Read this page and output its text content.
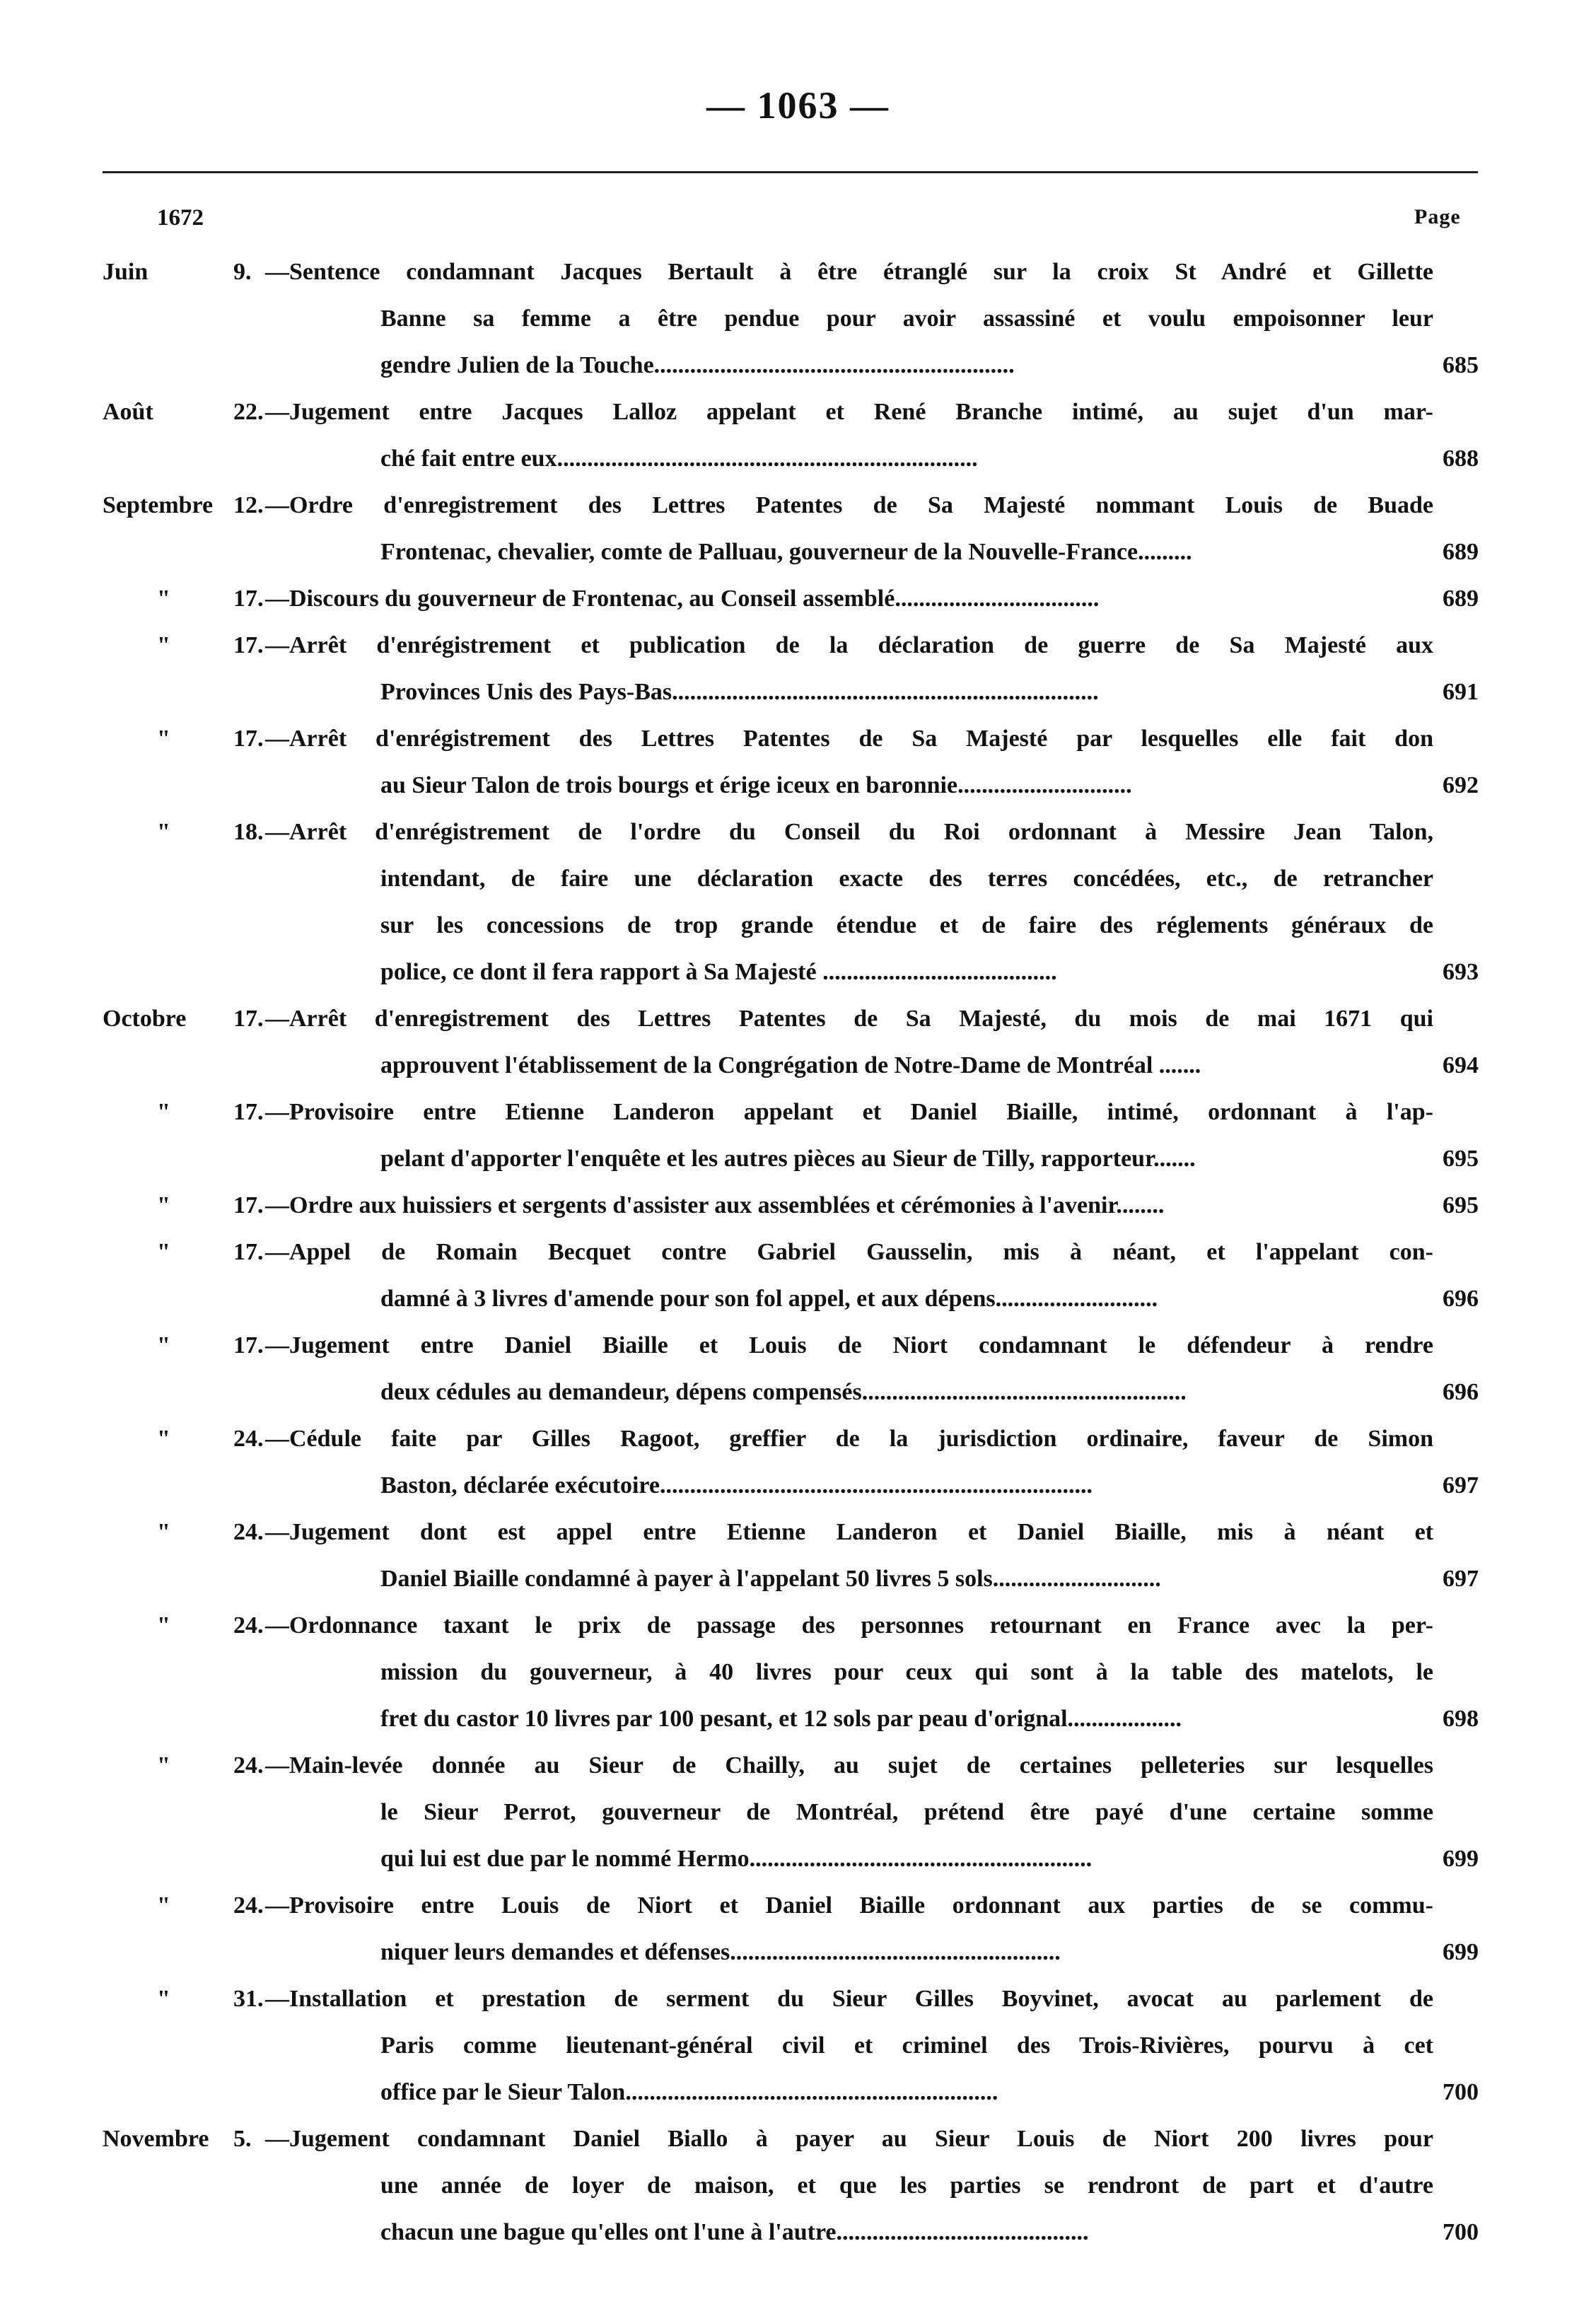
— 1063 —
1672	Page
Juin	9. —Sentence condamnant Jacques Bertault à être étranglé sur la croix St André et Gillette
Banne sa femme a être pendue pour avoir assassiné et voulu empoisonner leur
gendre Julien de la Touche............................................................	685
Août	22. —Jugement entre Jacques Lalloz appelant et René Branche intimé, au sujet d'un mar-
ché fait entre eux......................................................................	688
Septembre 12. —Ordre d'enregistrement des Lettres Patentes de Sa Majesté nommant Louis de Buade
Frontenac, chevalier, comte de Palluau, gouverneur de la Nouvelle-France.........	689
"	17. —Discours du gouverneur de Frontenac, au Conseil assemblé..................................	689
"	17. —Arrêt d'enrégistrement et publication de la déclaration de guerre de Sa Majesté aux
Provinces Unis des Pays-Bas.......................................................................	691
"	17. —Arrêt d'enrégistrement des Lettres Patentes de Sa Majesté par lesquelles elle fait don
au Sieur Talon de trois bourgs et érige iceux en baronnie.............................	692
"	18. —Arrêt d'enrégistrement de l'ordre du Conseil du Roi ordonnant à Messire Jean Talon,
intendant, de faire une déclaration exacte des terres concédées, etc., de retrancher
sur les concessions de trop grande étendue et de faire des réglements généraux de
police, ce dont il fera rapport à Sa Majesté .......................................	693
Octobre	17. —Arrêt d'enregistrement des Lettres Patentes de Sa Majesté, du mois de mai 1671 qui
approuvent l'établissement de la Congrégation de Notre-Dame de Montréal .......	694
"	17. —Provisoire entre Etienne Landeron appelant et Daniel Biaille, intimé, ordonnant à l'ap-
pelant d'apporter l'enquête et les autres pièces au Sieur de Tilly, rapporteur.......	695
"	17. —Ordre aux huissiers et sergents d'assister aux assemblées et cérémonies à l'avenir........	695
"	17. —Appel de Romain Becquet contre Gabriel Gausselin, mis à néant, et l'appelant con-
damné à 3 livres d'amende pour son fol appel, et aux dépens...........................	696
"	17. —Jugement entre Daniel Biaille et Louis de Niort condamnant le défendeur à rendre
deux cédules au demandeur, dépens compensés......................................................	696
"	24. —Cédule faite par Gilles Ragoot, greffier de la jurisdiction ordinaire, faveur de Simon
Baston, déclarée exécutoire........................................................................	697
"	24. —Jugement dont est appel entre Etienne Landeron et Daniel Biaille, mis à néant et
Daniel Biaille condamné à payer à l'appelant 50 livres 5 sols............................	697
"	24. —Ordonnance taxant le prix de passage des personnes retournant en France avec la per-
mission du gouverneur, à 40 livres pour ceux qui sont à la table des matelots, le
fret du castor 10 livres par 100 pesant, et 12 sols par peau d'orignal...................	698
"	24. —Main-levée donnée au Sieur de Chailly, au sujet de certaines pelleteries sur lesquelles
le Sieur Perrot, gouverneur de Montréal, prétend être payé d'une certaine somme
qui lui est due par le nommé Hermo.........................................................	699
"	24. —Provisoire entre Louis de Niort et Daniel Biaille ordonnant aux parties de se commu-
niquer leurs demandes et défenses.......................................................	699
"	31. —Installation et prestation de serment du Sieur Gilles Boyvinet, avocat au parlement de
Paris comme lieutenant-général civil et criminel des Trois-Rivières, pourvu à cet
office par le Sieur Talon..............................................................	700
Novembre	5. —Jugement condamnant Daniel Biallo à payer au Sieur Louis de Niort 200 livres pour
une année de loyer de maison, et que les parties se rendront de part et d'autre
chacun une bague qu'elles ont l'une à l'autre..........................................	700
